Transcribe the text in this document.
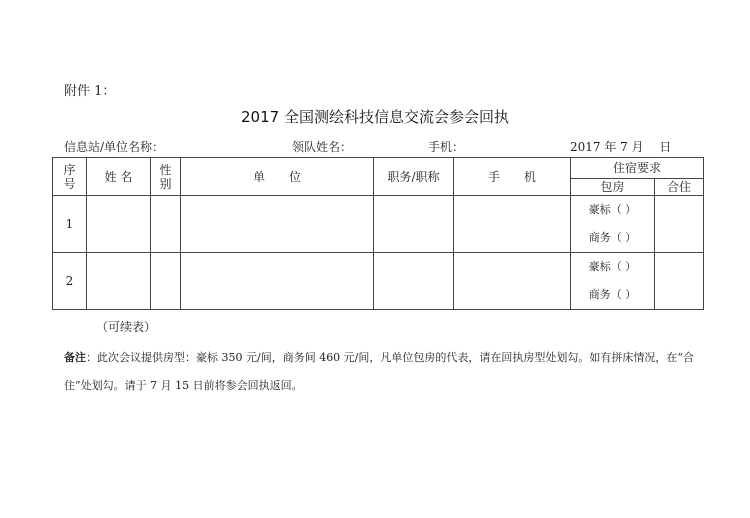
附件 1：
2017 全国测绘科技信息交流会参会回执
信息站/单位名称：	领队姓名：	手机：	2017 年 7 月　 日
序号	姓 名	性别	单　　位	职务/职称	手　　机	住宿要求	
						包房	合住
1						豪标（ ）	
						商务（ ）	
2						豪标（ ）	
						商务（ ）	
（可续表）
备注：此次会议提供房型：豪标 350 元/间，商务间 460 元/间，凡单位包房的代表，请在回执房型处划勾。如有拼床情况，在“合住”处划勾。请于 7 月 15 日前将参会回执返回。
